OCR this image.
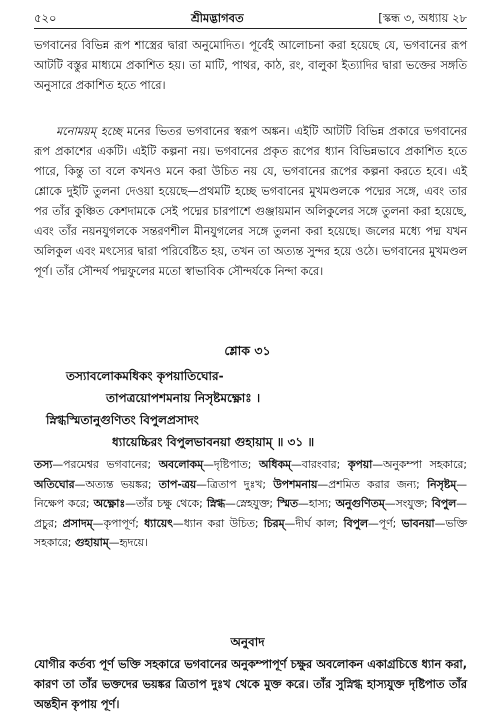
৫২০	শ্রীমদ্ভাগবত	[স্কন্ধ ৩, অধ্যায় ২৮
ভগবানের বিভিন্ন রূপ শাস্ত্রের দ্বারা অনুমোদিত। পূর্বেই আলোচনা করা হয়েছে যে, ভগবানের রূপ আটটি বস্তুর মাধ্যমে প্রকাশিত হয়। তা মাটি, পাথর, কাঠ, রং, বালুকা ইত্যাদির দ্বারা ভক্তের সঙ্গতি অনুসারে প্রকাশিত হতে পারে।
মনোময়ম্ হচ্ছে মনের ভিতর ভগবানের স্বরূপ অঙ্কন। এইটি আটটি বিভিন্ন প্রকারে ভগবানের রূপ প্রকাশের একটি। এইটি কল্পনা নয়। ভগবানের প্রকৃত রূপের ধ্যান বিভিন্নভাবে প্রকাশিত হতে পারে, কিন্তু তা বলে কখনও মনে করা উচিত নয় যে, ভগবানের রূপের কল্পনা করতে হবে। এই শ্লোকে দুইটি তুলনা দেওয়া হয়েছে—প্রথমটি হচ্ছে ভগবানের মুখমণ্ডলকে পদ্মের সঙ্গে, এবং তার পর তাঁর কুঞ্চিত কেশদামকে সেই পদ্মের চারপাশে গুঞ্জায়মান অলিকুলের সঙ্গে তুলনা করা হয়েছে, এবং তাঁর নয়নযুগলকে সন্তরণশীল মীনযুগলের সঙ্গে তুলনা করা হয়েছে। জলের মধ্যে পদ্ম যখন অলিকুল এবং মৎস্যের দ্বারা পরিবেষ্টিত হয়, তখন তা অত্যন্ত সুন্দর হয়ে ওঠে। ভগবানের মুখমণ্ডল পূর্ণ। তাঁর সৌন্দর্য পদ্মফুলের মতো স্বাভাবিক সৌন্দর্যকে নিন্দা করে।
শ্লোক ৩১
তস্যাবলোকমধিকং কৃপয়াতিঘোর-
তাপত্রয়োপশমনায় নিসৃষ্টমক্ষ্ণোঃ ।
স্নিগ্ধস্মিতানুগুণিতং বিপুলপ্রসাদং
ধ্যায়েচ্চিরং বিপুলভাবনয়া গুহায়াম্ ॥ ৩১ ॥
তস্য—পরমেশ্বর ভগবানের; অবলোকম্—দৃষ্টিপাত; অধিকম্—বারংবার; কৃপয়া—অনুকম্পা সহকারে; অতিঘোর—অত্যন্ত ভয়ঙ্কর; তাপ-ত্রয়—ত্রিতাপ দুঃখ; উপশমনায়—প্রশমিত করার জন্য; নিসৃষ্টম্—নিক্ষেপ করে; অক্ষ্ণোঃ—তাঁর চক্ষু থেকে; স্নিগ্ধ—স্নেহযুক্ত; স্মিত—হাস্য; অনুগুণিতম্—সংযুক্ত; বিপুল—প্রচুর; প্রসাদম্—কৃপাপূর্ণ; ধ্যায়েৎ—ধ্যান করা উচিত; চিরম্—দীর্ঘ কাল; বিপুল—পূর্ণ; ভাবনয়া—ভক্তি সহকারে; গুহায়াম্—হৃদয়ে।
অনুবাদ
যোগীর কর্তব্য পূর্ণ ভক্তি সহকারে ভগবানের অনুকম্পাপূর্ণ চক্ষুর অবলোকন একাগ্রচিত্তে ধ্যান করা, কারণ তা তাঁর ভক্তদের ভয়ঙ্কর ত্রিতাপ দুঃখ থেকে মুক্ত করে। তাঁর সুস্নিগ্ধ হাস্যযুক্ত দৃষ্টিপাত তাঁর অন্তহীন কৃপায় পূর্ণ।
